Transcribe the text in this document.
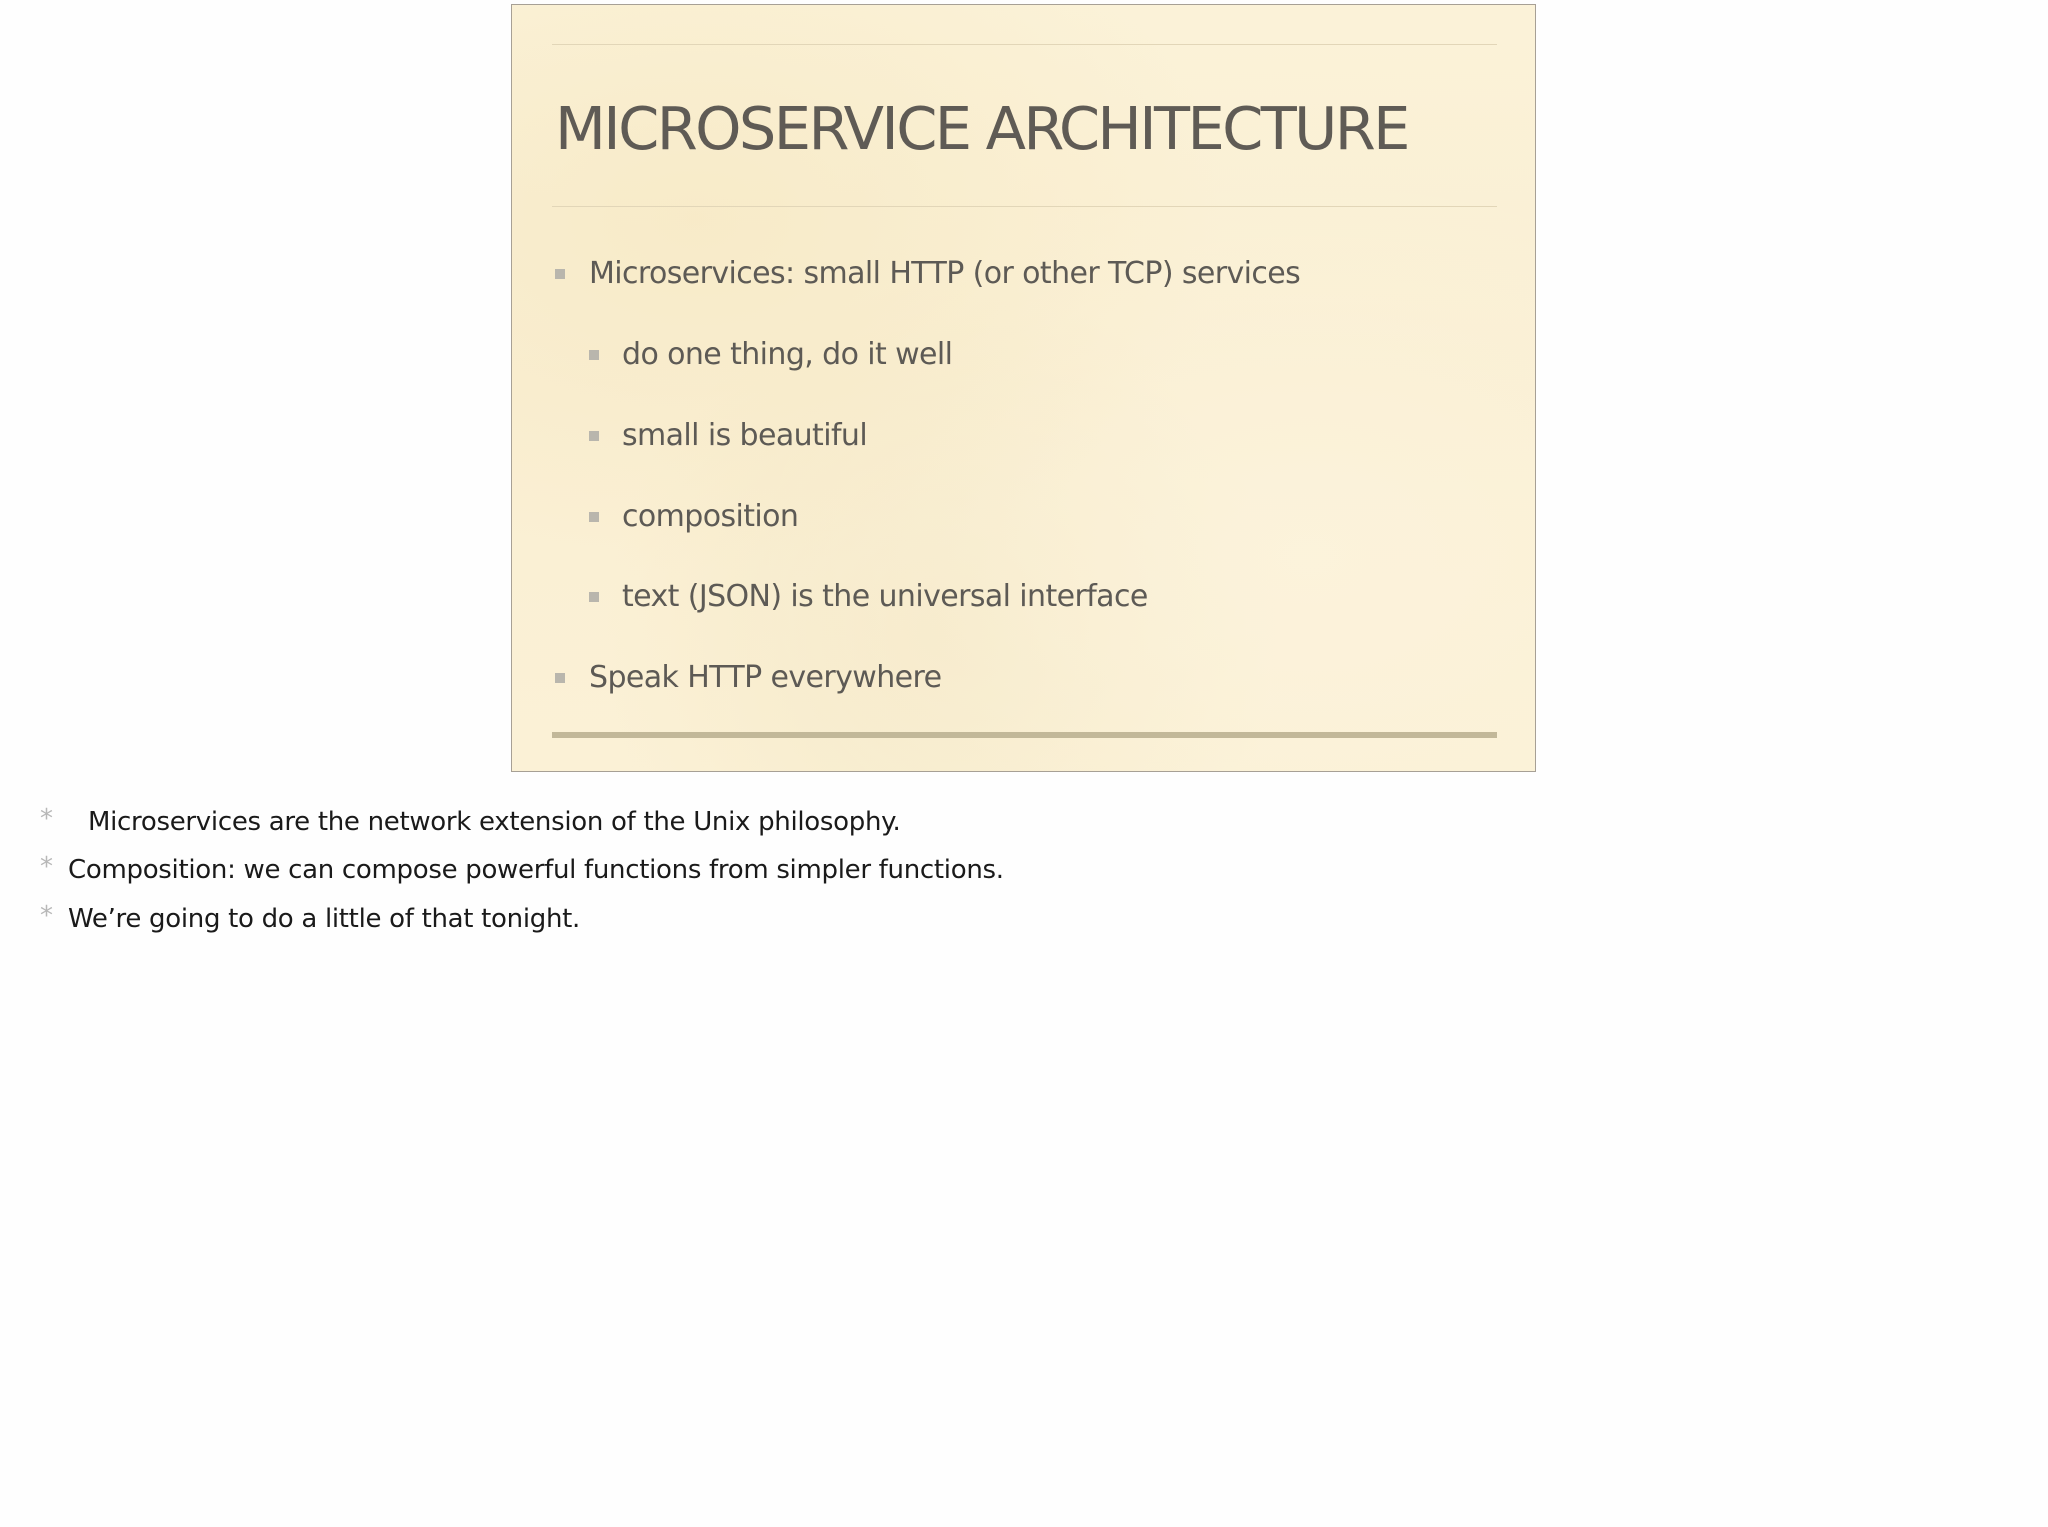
MICROSERVICE ARCHITECTURE
Microservices: small HTTP (or other TCP) services
do one thing, do it well
small is beautiful
composition
text (JSON) is the universal interface
Speak HTTP everywhere
* Microservices are the network extension of the Unix philosophy.
* Composition: we can compose powerful functions from simpler functions.
* We’re going to do a little of that tonight.
